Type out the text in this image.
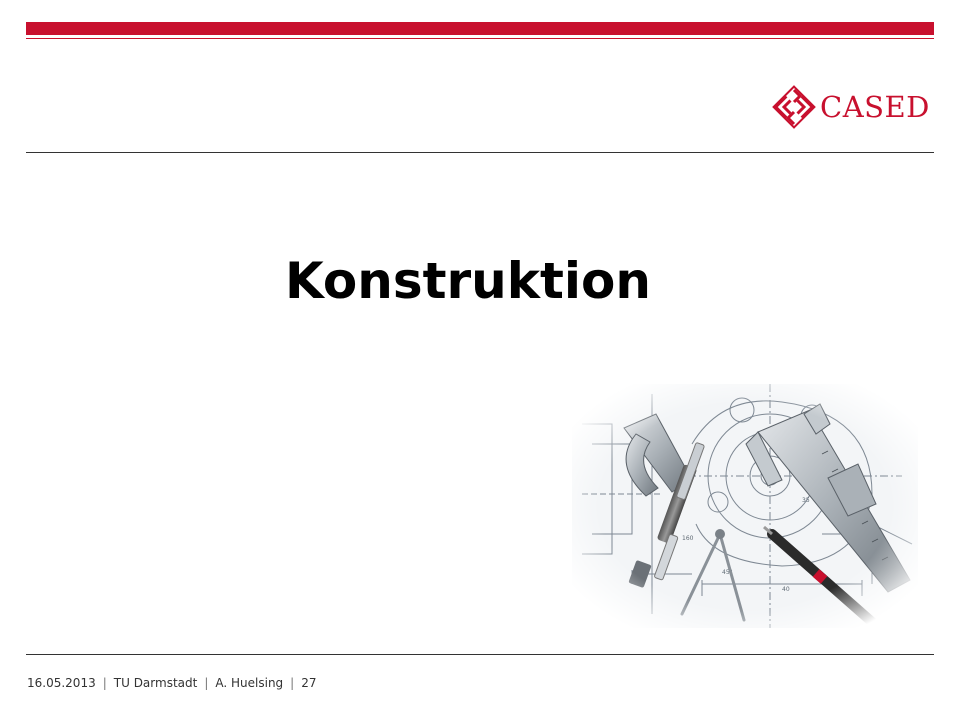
CASED
Konstruktion
16.05.2013 | TU Darmstadt | A. Huelsing | 27
